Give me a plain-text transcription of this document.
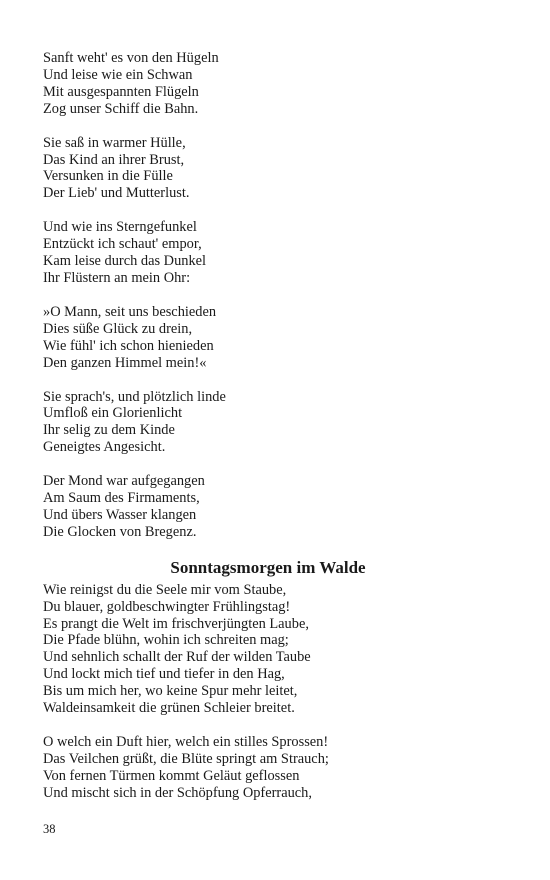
Sanft weht' es von den Hügeln
Und leise wie ein Schwan
Mit ausgespannten Flügeln
Zog unser Schiff die Bahn.
Sie saß in warmer Hülle,
Das Kind an ihrer Brust,
Versunken in die Fülle
Der Lieb' und Mutterlust.
Und wie ins Sterngefunkel
Entzückt ich schaut' empor,
Kam leise durch das Dunkel
Ihr Flüstern an mein Ohr:
»O Mann, seit uns beschieden
Dies süße Glück zu drein,
Wie fühl' ich schon hienieden
Den ganzen Himmel mein!«
Sie sprach's, und plötzlich linde
Umfloß ein Glorienlicht
Ihr selig zu dem Kinde
Geneigtes Angesicht.
Der Mond war aufgegangen
Am Saum des Firmaments,
Und übers Wasser klangen
Die Glocken von Bregenz.
Sonntagsmorgen im Walde
Wie reinigst du die Seele mir vom Staube,
Du blauer, goldbeschwingter Frühlingstag!
Es prangt die Welt im frischverjüngten Laube,
Die Pfade blühn, wohin ich schreiten mag;
Und sehnlich schallt der Ruf der wilden Taube
Und lockt mich tief und tiefer in den Hag,
Bis um mich her, wo keine Spur mehr leitet,
Waldeinsamkeit die grünen Schleier breitet.
O welch ein Duft hier, welch ein stilles Sprossen!
Das Veilchen grüßt, die Blüte springt am Strauch;
Von fernen Türmen kommt Geläut geflossen
Und mischt sich in der Schöpfung Opferrauch,
38
